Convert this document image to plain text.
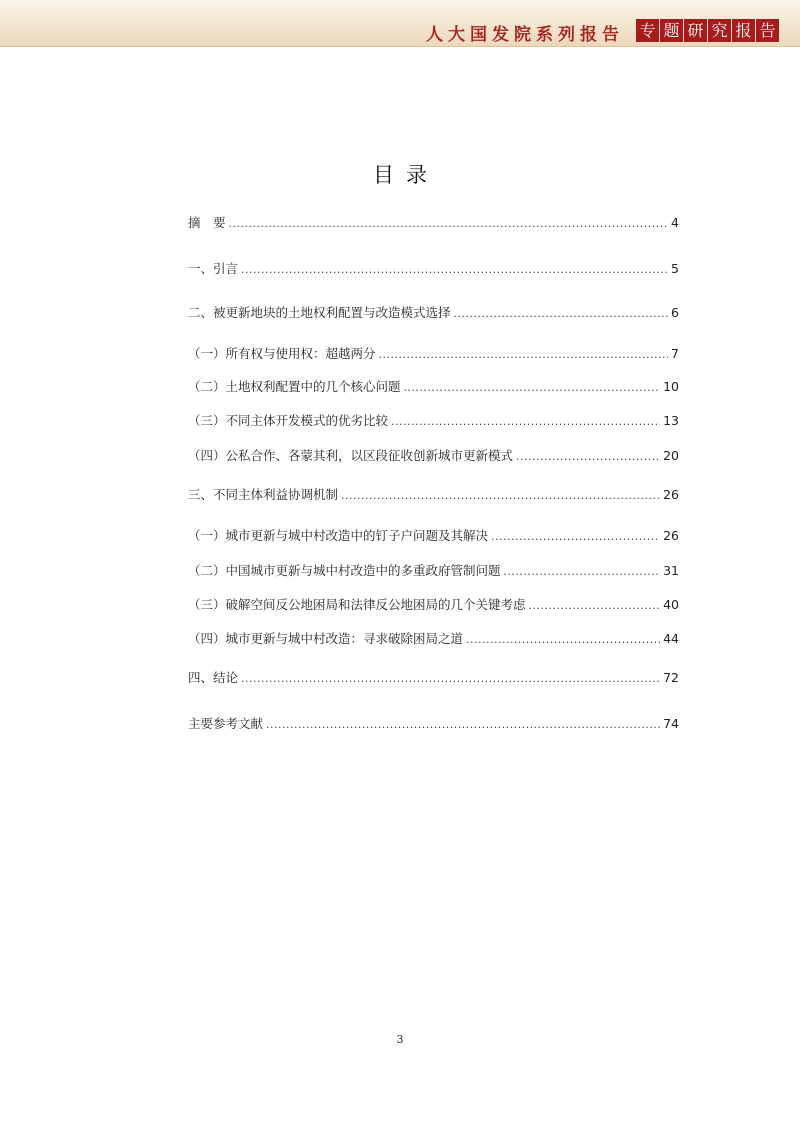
人大国发院系列报告 专 题 研 究 报 告
目录
摘　要 . . .	4
一、引言 . . .	5
二、被更新地块的土地权利配置与改造模式选择 . . .	6
（一）所有权与使用权：超越两分 . . .	7
（二）土地权利配置中的几个核心问题 . . .	10
（三）不同主体开发模式的优劣比较 . . .	13
（四）公私合作、各蒙其利，以区段征收创新城市更新模式 . . .	20
三、不同主体利益协调机制 . . .	26
（一）城市更新与城中村改造中的钉子户问题及其解决 . . .	26
（二）中国城市更新与城中村改造中的多重政府管制问题 . . .	31
（三）破解空间反公地困局和法律反公地困局的几个关键考虑 . . .	40
（四）城市更新与城中村改造：寻求破除困局之道 . . .	44
四、结论 . . .	72
主要参考文献 . . .	74
3
